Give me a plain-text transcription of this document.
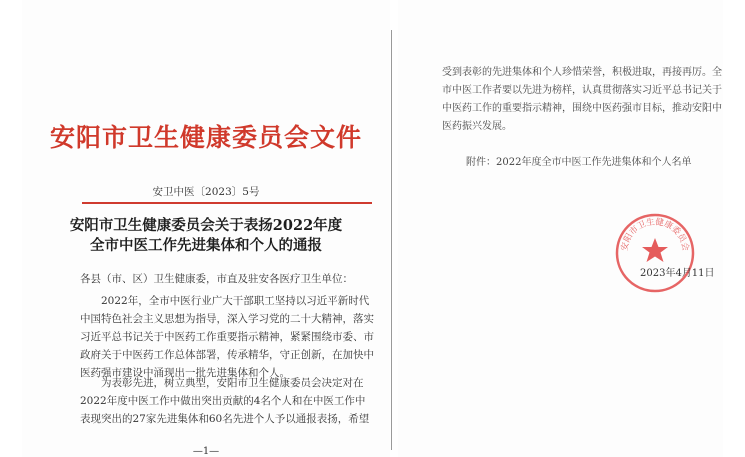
安阳市卫生健康委员会文件
安卫中医〔2023〕5号
安阳市卫生健康委员会关于表扬2022年度
全市中医工作先进集体和个人的通报

各县（市、区）卫生健康委，市直及驻安各医疗卫生单位：

　　2022年，全市中医行业广大干部职工坚持以习近平新时代

中国特色社会主义思想为指导，深入学习党的二十大精神，落实

习近平总书记关于中医药工作重要指示精神，紧紧围绕市委、市

政府关于中医药工作总体部署，传承精华，守正创新，在加快中

医药强市建设中涌现出一批先进集体和个人。

　　为表彰先进，树立典型，安阳市卫生健康委员会决定对在

2022年度中医工作中做出突出贡献的4名个人和在中医工作中

表现突出的27家先进集体和60名先进个人予以通报表扬，希望

—1—

受到表彰的先进集体和个人珍惜荣誉，积极进取，再接再厉。全

市中医工作者要以先进为榜样，认真贯彻落实习近平总书记关于

中医药工作的重要指示精神，围绕中医药强市目标，推动安阳中

医药振兴发展。

附件：2022年度全市中医工作先进集体和个人名单
安阳市卫生健康委员会
2023年4月11日
